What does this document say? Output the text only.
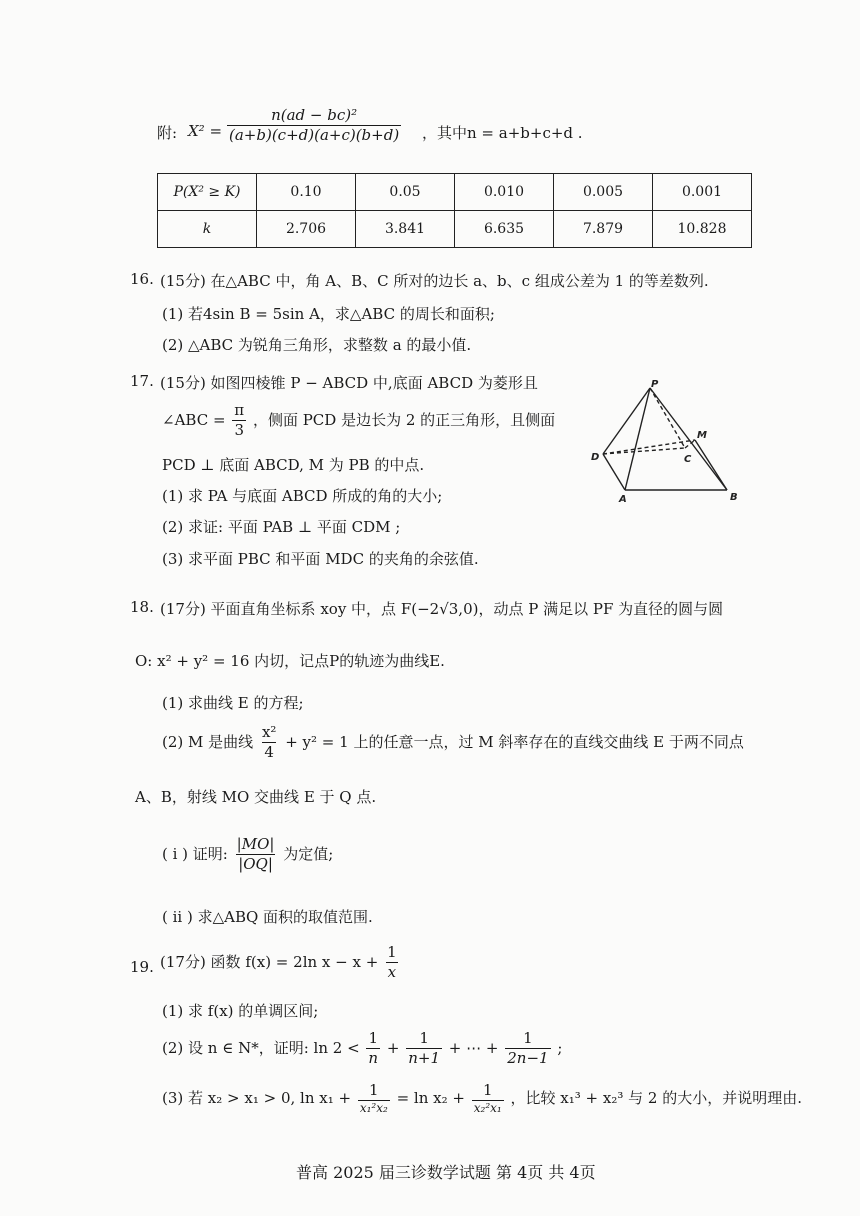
附: $X^2 = \frac{\text{n(ad − bc)²}}{(a+b)(c+d)(a+c)(b+d)}$ ，其中n = a+b+c+d .
P(X² ≥ K)	0.10	0.05	0.010	0.005	0.001
k	2.706	3.841	6.635	7.879	10.828
16. (15分) 在△ABC 中，角 A、B、C 所对的边长 a、b、c 组成公差为 1 的等差数列.
(1) 若4sin B = 5sin A，求△ABC 的周长和面积;
(2) △ABC 为锐角三角形，求整数 a 的最小值.
17. (15分) 如图四棱锥 P − ABCD 中,底面 ABCD 为菱形且
∠ABC = $\frac{\pi}{3}$ ，侧面 PCD 是边长为 2 的正三角形，且侧面
PCD ⊥ 底面 ABCD, M 为 PB 的中点.
(1) 求 PA 与底面 ABCD 所成的角的大小;
(2) 求证: 平面 PAB ⊥ 平面 CDM ;
(3) 求平面 PBC 和平面 MDC 的夹角的余弦值.
P
M
D	C
A	B
18. (17分) 平面直角坐标系 xoy 中，点 F(−2√3,0)，动点 P 满足以 PF 为直径的圆与圆
O: x² + y² = 16 内切，记点P的轨迹为曲线E.
(1) 求曲线 E 的方程;
(2) M 是曲线 $\frac{\text{x²}}{4} + y^2 = 1$ 上的任意一点，过 M 斜率存在的直线交曲线 E 于两不同点
A、B，射线 MO 交曲线 E 于 Q 点.
( i ) 证明: $\frac{|MO|}{|OQ|}$ 为定值;
( ii ) 求△ABQ 面积的取值范围.
19. (17分) 函数 f(x) = 2ln $x - x + \frac{1}{x}$
(1) 求 f(x) 的单调区间;
(2) 设 n ∈ N*，证明: $\ln 2 < \frac{1}{n} + \frac{1}{n+1}$ + ⋯ + $\frac{1}{2n-1}$ ;
(3) 若 x₂ > x₁ > 0, $\ln x_1 + \frac{1}{\text{x₁²x₂}} = \ln x_2 + \frac{1}{\text{x₂²x₁}}$ ，比较 x₁³ + x₂³ 与 2 的大小，并说明理由.
普高 2025 届三诊数学试题 第 4页 共 4页
